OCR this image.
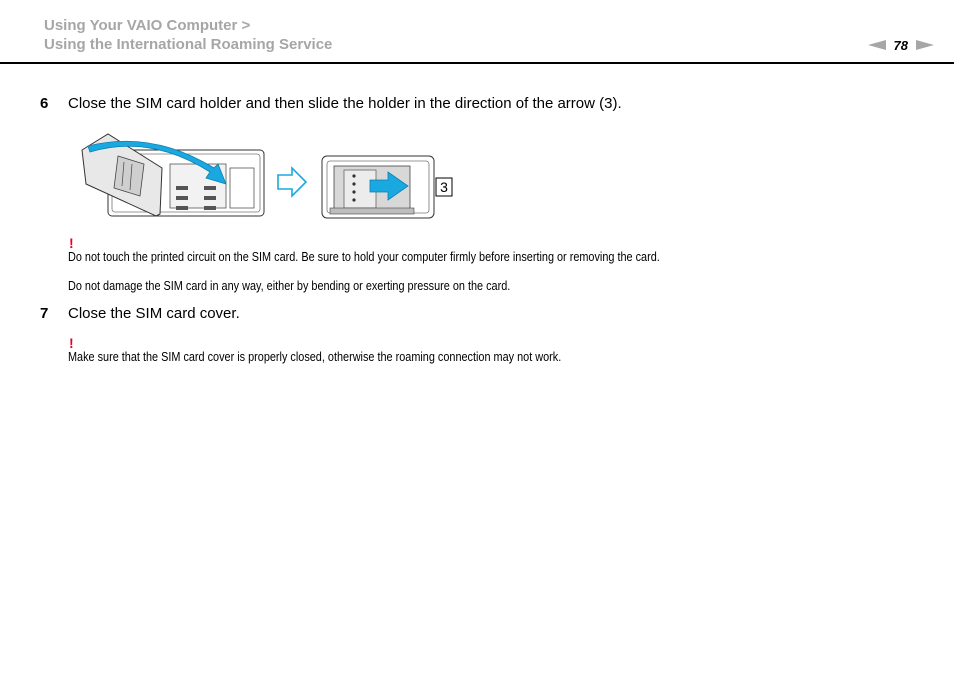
Using Your VAIO Computer >
Using the International Roaming Service	78
6 Close the SIM card holder and then slide the holder in the direction of the arrow (3).
3
!
Do not touch the printed circuit on the SIM card. Be sure to hold your computer firmly before inserting or removing the card.
Do not damage the SIM card in any way, either by bending or exerting pressure on the card.
7 Close the SIM card cover.
!
Make sure that the SIM card cover is properly closed, otherwise the roaming connection may not work.
